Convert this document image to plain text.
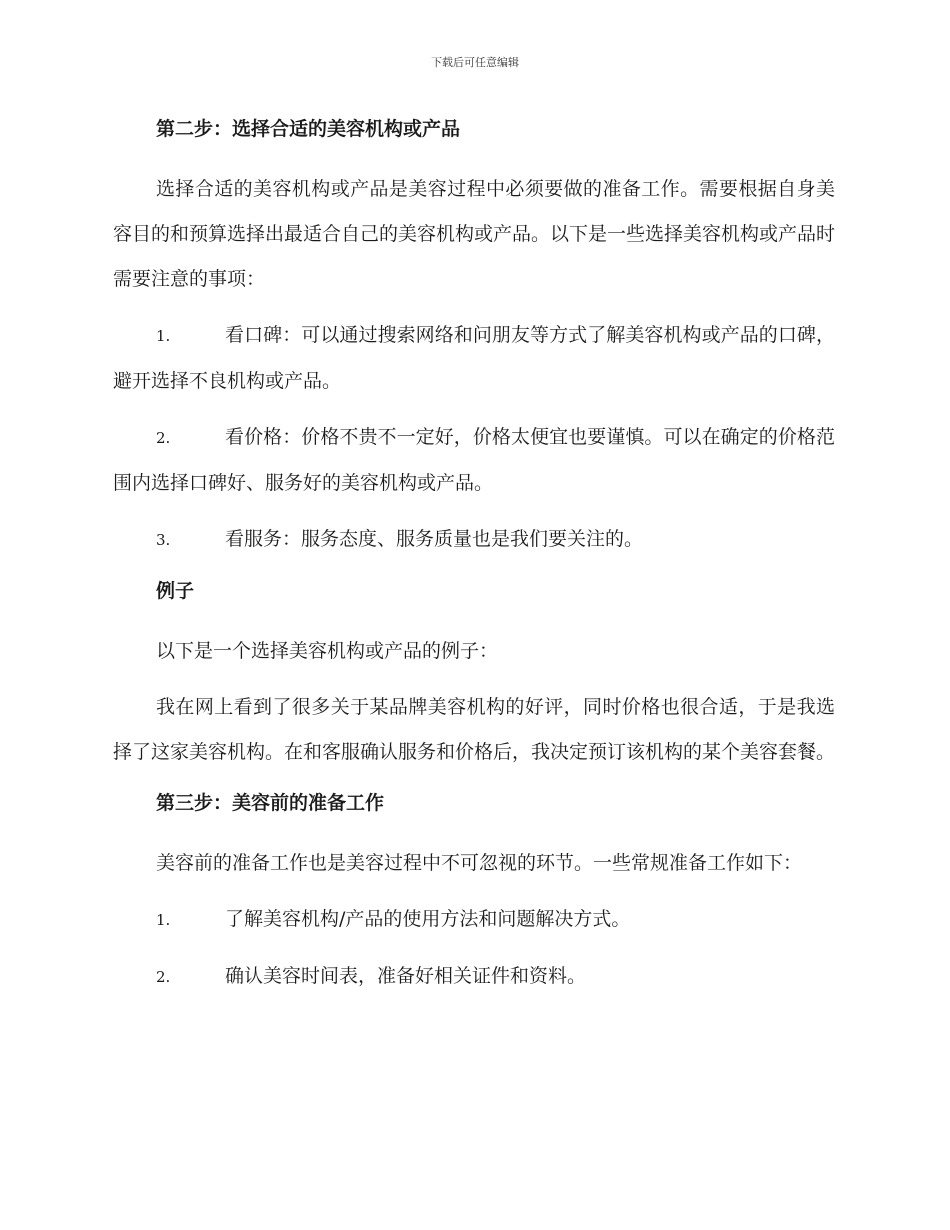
下载后可任意编辑
第二步：选择合适的美容机构或产品
选择合适的美容机构或产品是美容过程中必须要做的准备工作。需要根据自身美容目的和预算选择出最适合自己的美容机构或产品。以下是一些选择美容机构或产品时需要注意的事项：
1.	看口碑：可以通过搜索网络和问朋友等方式了解美容机构或产品的口碑，避开选择不良机构或产品。
2.	看价格：价格不贵不一定好，价格太便宜也要谨慎。可以在确定的价格范围内选择口碑好、服务好的美容机构或产品。
3.	看服务：服务态度、服务质量也是我们要关注的。
例子
以下是一个选择美容机构或产品的例子：
我在网上看到了很多关于某品牌美容机构的好评，同时价格也很合适，于是我选择了这家美容机构。在和客服确认服务和价格后，我决定预订该机构的某个美容套餐。
第三步：美容前的准备工作
美容前的准备工作也是美容过程中不可忽视的环节。一些常规准备工作如下：
1.	了解美容机构/产品的使用方法和问题解决方式。
2.	确认美容时间表，准备好相关证件和资料。
